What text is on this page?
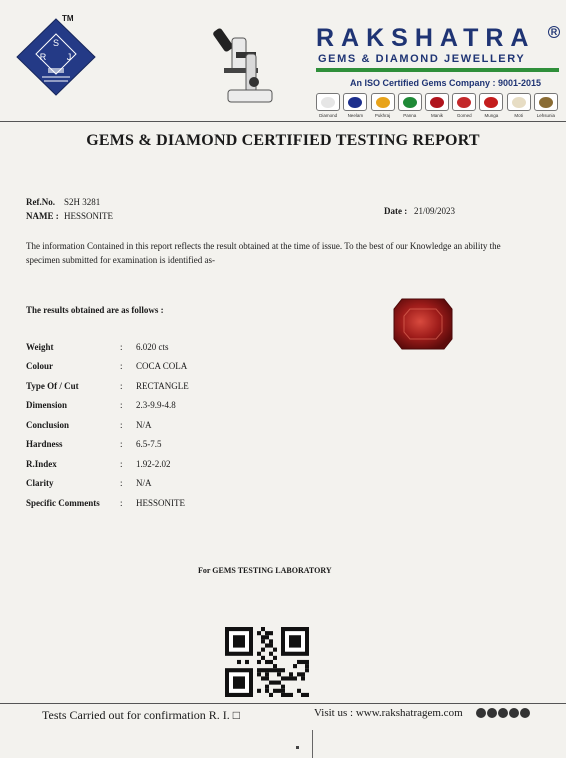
S
R J
TM
RAKSHATRA	R
GEMS & DIAMOND JEWELLERY
An ISO Certified Gems Company : 9001-2015
Diamond Neelam	Pukhraj	Panna	Manik	Gomed	Munga	Moti	Lehsunia
GEMS & DIAMOND CERTIFIED TESTING REPORT
Ref.No. S2H 3281
NAME : HESSONITE	Date : 21/09/2023
The information Contained in this report reflects the result obtained at the time of issue. To the best of our Knowledge an ability the specimen submitted for examination is identified as-
The results obtained are as follows :
Weight	:	6.020 cts
Colour	:	COCA COLA
Type Of / Cut	:	RECTANGLE
Dimension	:	2.3-9.9-4.8
Conclusion	:	N/A
Hardness	:	6.5-7.5
R.Index	:	1.92-2.02
Clarity	:	N/A
Specific Comments	:	HESSONITE
For GEMS TESTING LABORATORY
Tests Carried out for confirmation R. I. □	Visit us : www.rakshatragem.com
